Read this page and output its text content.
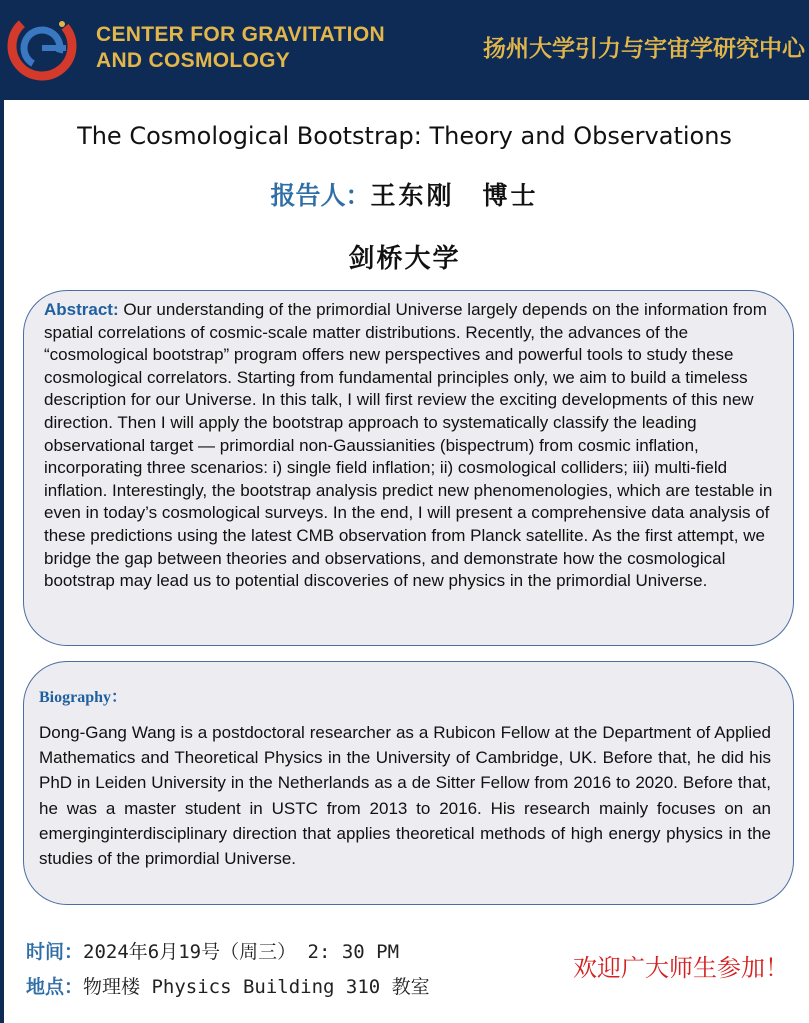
CENTER FOR GRAVITATION
AND COSMOLOGY	扬州大学引力与宇宙学研究中心
The Cosmological Bootstrap: Theory and Observations
报告人：王东刚　博士
剑桥大学

Abstract: Our understanding of the primordial Universe largely depends on the information from spatial correlations of cosmic-scale matter distributions. Recently, the advances of the “cosmological bootstrap” program offers new perspectives and powerful tools to study these cosmological correlators. Starting from fundamental principles only, we aim to build a timeless description for our Universe. In this talk, I will first review the exciting developments of this new direction. Then I will apply the bootstrap approach to systematically classify the leading observational target — primordial non-Gaussianities (bispectrum) from cosmic inflation, incorporating three scenarios: i) single field inflation; ii) cosmological colliders; iii) multi-field inflation. Interestingly, the bootstrap analysis predict new phenomenologies, which are testable in even in today’s cosmological surveys. In the end, I will present a comprehensive data analysis of these predictions using the latest CMB observation from Planck satellite. As the first attempt, we bridge the gap between theories and observations, and demonstrate how the cosmological bootstrap may lead us to potential discoveries of new physics in the primordial Universe.

Biography：

Dong-Gang Wang is a postdoctoral researcher as a Rubicon Fellow at the Department of Applied Mathematics and Theoretical Physics in the University of Cambridge, UK. Before that, he did his PhD in Leiden University in the Netherlands as a de Sitter Fellow from 2016 to 2020. Before that, he was a master student in USTC from 2013 to 2016. His research mainly focuses on an emerginginterdisciplinary direction that applies theoretical methods of high energy physics in the studies of the primordial Universe.

时间：2024年6月19号（周三） 2: 30 PM
地点：物理楼 Physics Building 310 教室
欢迎广大师生参加！
